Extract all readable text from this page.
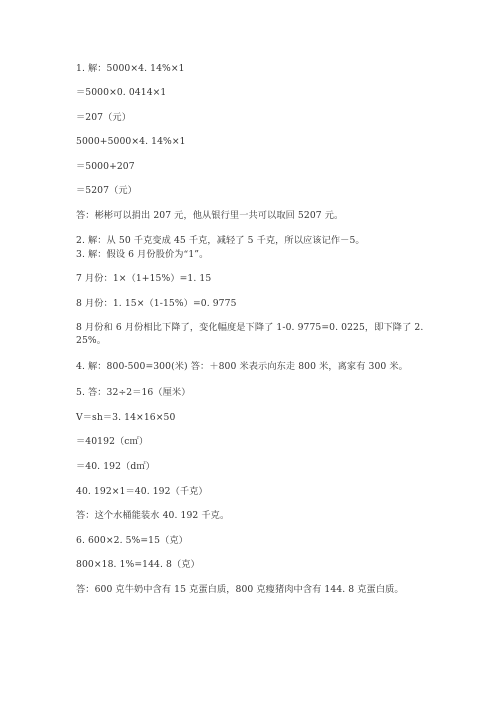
1. 解：5000×4. 14%×1
＝5000×0. 0414×1
＝207（元）
5000+5000×4. 14%×1
＝5000+207
＝5207（元）
答：彬彬可以捐出 207 元，他从银行里一共可以取回 5207 元。
2. 解：从 50 千克变成 45 千克，减轻了 5 千克，所以应该记作－5。
3. 解：假设 6 月份股价为“1”。
7 月份：1×（1+15%）=1. 15
8 月份：1. 15×（1-15%）=0. 9775
8 月份和 6 月份相比下降了，变化幅度是下降了 1-0. 9775=0. 0225，即下降了 2. 25%。
4. 解：800-500=300(米) 答：＋800 米表示向东走 800 米，离家有 300 米。
5. 答：32÷2＝16（厘米）
V＝sh＝3. 14×16×50
＝40192（c㎡）
＝40. 192（d㎡）
40. 192×1＝40. 192（千克）
答：这个水桶能装水 40. 192 千克。
6. 600×2. 5%=15（克）
800×18. 1%=144. 8（克）
答：600 克牛奶中含有 15 克蛋白质，800 克瘦猪肉中含有 144. 8 克蛋白质。
